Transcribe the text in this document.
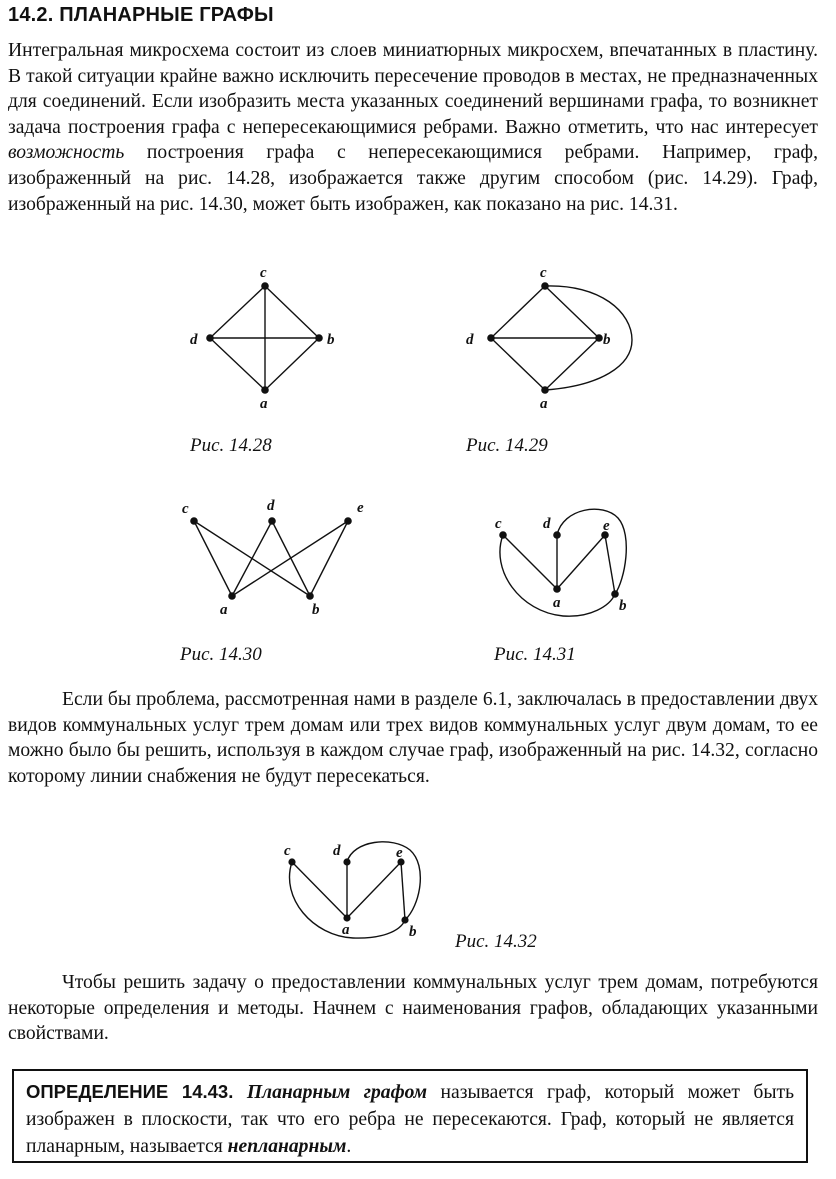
14.2. ПЛАНАРНЫЕ ГРАФЫ
Интегральная микросхема состоит из слоев миниатюрных микросхем, впечатанных в пластину. В такой ситуации крайне важно исключить пересечение проводов в местах, не предназначенных для соединений. Если изобразить места указанных соединений вершинами графа, то возникнет задача построения графа с непересекающимися ребрами. Важно отметить, что нас интересует возможность построения графа с непересекающимися ребрами. Например, граф, изображенный на рис. 14.28, изображается также другим способом (рис. 14.29). Граф, изображенный на рис. 14.30, может быть изображен, как показано на рис. 14.31.
c
b
a
d
Рис. 14.28
c
b
a
d
Рис. 14.29
c	d	e
a	b
Рис. 14.30
c	d	e
a	b
Рис. 14.31
Если бы проблема, рассмотренная нами в разделе 6.1, заключалась в предоставлении двух видов коммунальных услуг трем домам или трех видов коммунальных услуг двум домам, то ее можно было бы решить, используя в каждом случае граф, изображенный на рис. 14.32, согласно которому линии снабжения не будут пересекаться.
c	d	e
a	b Рис. 14.32
Чтобы решить задачу о предоставлении коммунальных услуг трем домам, потребуются некоторые определения и методы. Начнем с наименования графов, обладающих указанными свойствами.
ОПРЕДЕЛЕНИЕ 14.43. Планарным графом называется граф, который может быть изображен в плоскости, так что его ребра не пересекаются. Граф, который не является планарным, называется непланарным.
